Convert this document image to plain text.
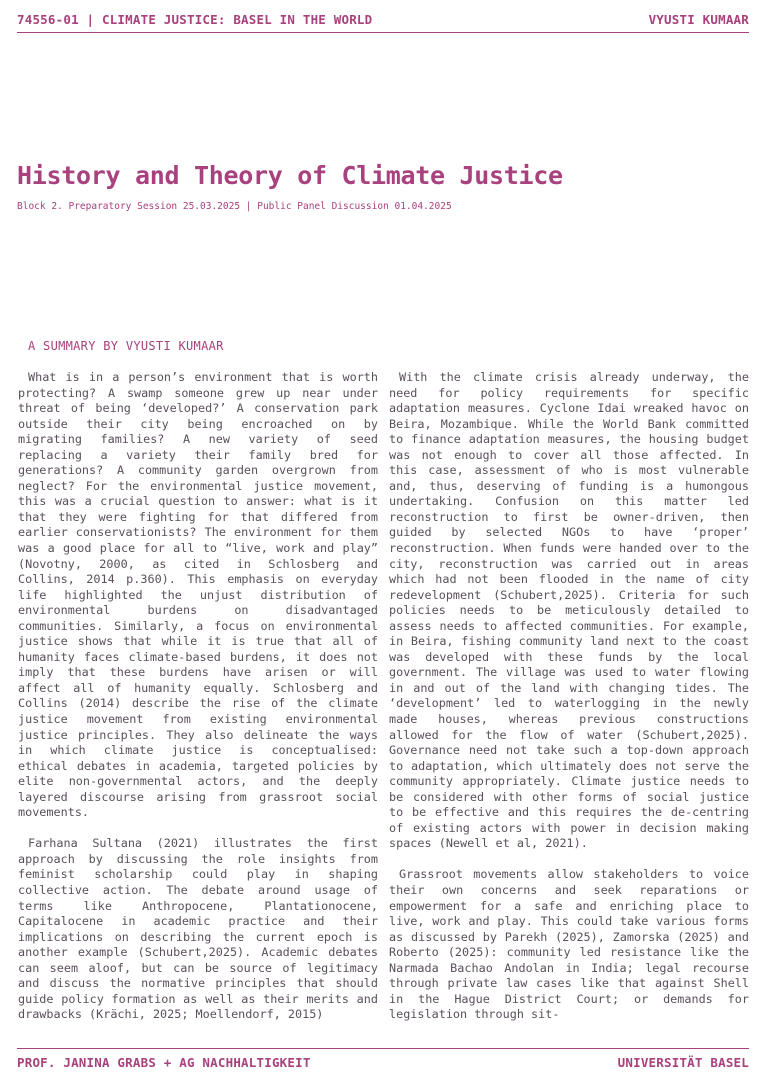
74556-01 | CLIMATE JUSTICE: BASEL IN THE WORLD	VYUSTI KUMAAR
History and Theory of Climate Justice
Block 2. Preparatory Session 25.03.2025 | Public Panel Discussion 01.04.2025
A SUMMARY BY VYUSTI KUMAAR

What is in a person’s environment that is worth protecting? A swamp someone grew up near under threat of being ‘developed?’ A conservation park outside their city being encroached on by migrating families? A new variety of seed replacing a variety their family bred for generations? A community garden overgrown from neglect? For the environmental justice movement, this was a crucial question to answer: what is it that they were fighting for that differed from earlier conservationists? The environment for them was a good place for all to “live, work and play” (Novotny, 2000, as cited in Schlosberg and Collins, 2014 p.360). This emphasis on everyday life highlighted the unjust distribution of environmental burdens on disadvantaged communities. Similarly, a focus on environmental justice shows that while it is true that all of humanity faces climate-based burdens, it does not imply that these burdens have arisen or will affect all of humanity equally. Schlosberg and Collins (2014) describe the rise of the climate justice movement from existing environmental justice principles. They also delineate the ways in which climate justice is conceptualised: ethical debates in academia, targeted policies by elite non-governmental actors, and the deeply layered discourse arising from grassroot social movements.

Farhana Sultana (2021) illustrates the first approach by discussing the role insights from feminist scholarship could play in shaping collective action. The debate around usage of terms like Anthropocene, Plantationocene, Capitalocene in academic practice and their implications on describing the current epoch is another example (Schubert,2025). Academic debates can seem aloof, but can be source of legitimacy and discuss the normative principles that should guide policy formation as well as their merits and drawbacks (Krächi, 2025; Moellendorf, 2015)

With the climate crisis already underway, the need for policy requirements for specific adaptation measures. Cyclone Idai wreaked havoc on Beira, Mozambique. While the World Bank committed to finance adaptation measures, the housing budget was not enough to cover all those affected. In this case, assessment of who is most vulnerable and, thus, deserving of funding is a humongous undertaking. Confusion on this matter led reconstruction to first be owner-driven, then guided by selected NGOs to have ‘proper’ reconstruction. When funds were handed over to the city, reconstruction was carried out in areas which had not been flooded in the name of city redevelopment (Schubert,2025). Criteria for such policies needs to be meticulously detailed to assess needs to affected communities. For example, in Beira, fishing community land next to the coast was developed with these funds by the local government. The village was used to water flowing in and out of the land with changing tides. The ‘development’ led to waterlogging in the newly made houses, whereas previous constructions allowed for the flow of water (Schubert,2025). Governance need not take such a top-down approach to adaptation, which ultimately does not serve the community appropriately. Climate justice needs to be considered with other forms of social justice to be effective and this requires the de-centring of existing actors with power in decision making spaces (Newell et al, 2021).

Grassroot movements allow stakeholders to voice their own concerns and seek reparations or empowerment for a safe and enriching place to live, work and play. This could take various forms as discussed by Parekh (2025), Zamorska (2025) and Roberto (2025): community led resistance like the Narmada Bachao Andolan in India; legal recourse through private law cases like that against Shell in the Hague District Court; or demands for legislation through sit-

PROF. JANINA GRABS + AG NACHHALTIGKEIT	UNIVERSITÄT BASEL
